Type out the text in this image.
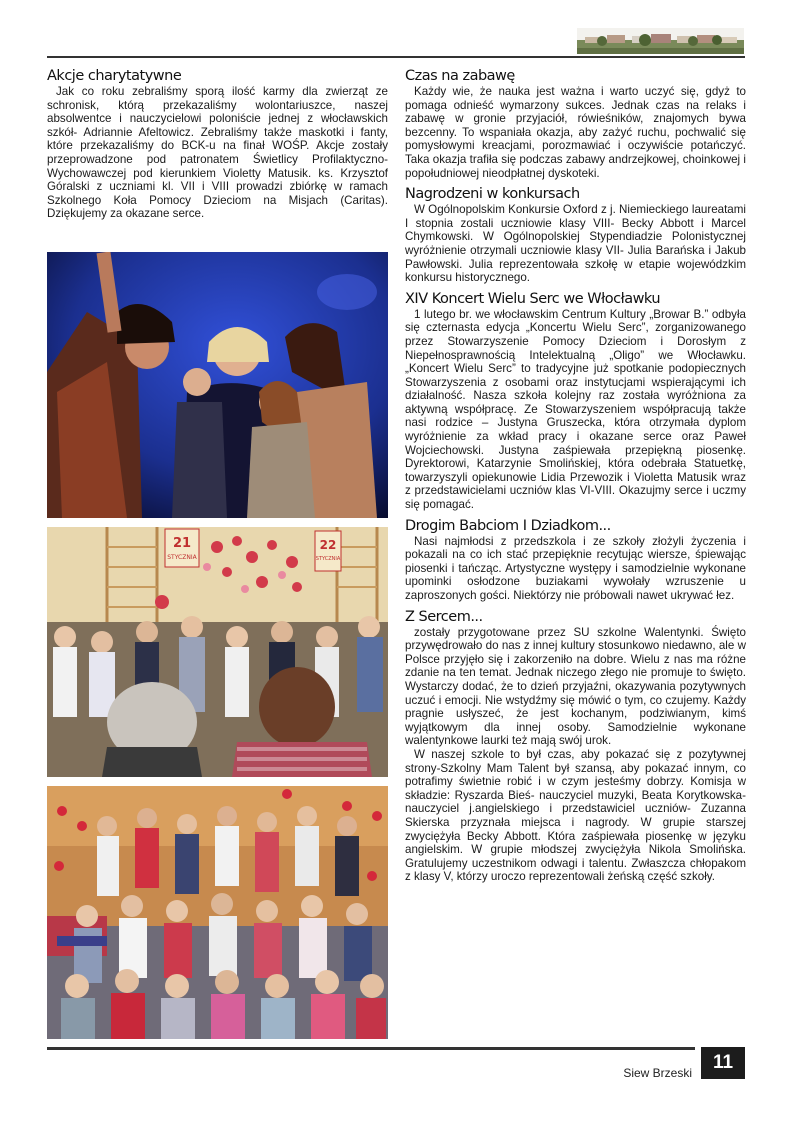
Akcje charytatywne

Jak co roku zebraliśmy sporą ilość karmy dla zwierząt ze schronisk, którą przekazaliśmy wolontariuszce, naszej absolwentce i nauczycielowi poloniście jednej z włocławskich szkół- Adriannie Afeltowicz. Zebraliśmy także maskotki i fanty, które przekazaliśmy do BCK-u na finał WOŚP. Akcje zostały przeprowadzone pod patronatem Świetlicy Profilaktyczno-Wychowawczej pod kierunkiem Violetty Matusik. ks. Krzysztof Góralski z uczniami kl. VII i VIII prowadzi zbiórkę w ramach Szkolnego Koła Pomocy Dzieciom na Misjach (Caritas). Dziękujemy za okazane serce.

21
STYCZNIA
22
STYCZNIA
Czas na zabawę

Każdy wie, że nauka jest ważna i warto uczyć się, gdyż to pomaga odnieść wymarzony sukces. Jednak czas na relaks i zabawę w gronie przyjaciół, rówieśników, znajomych bywa bezcenny. To wspaniała okazja, aby zażyć ruchu, pochwalić się pomysłowymi kreacjami, porozmawiać i oczywiście potańczyć. Taka okazja trafiła się podczas zabawy andrzejkowej, choinkowej i popołudniowej nieodpłatnej dyskoteki.

Nagrodzeni w konkursach

W Ogólnopolskim Konkursie Oxford z j. Niemieckiego laureatami I stopnia zostali uczniowie klasy VIII- Becky Abbott i Marcel Chymkowski. W Ogólnopolskiej Stypendiadzie Polonistycznej wyróżnienie otrzymali uczniowie klasy VII- Julia Barańska i Jakub Pawłowski. Julia reprezentowała szkołę w etapie wojewódzkim konkursu historycznego.

XIV Koncert Wielu Serc we Włocławku

1 lutego br. we włocławskim Centrum Kultury „Browar B.” odbyła się czternasta edycja „Koncertu Wielu Serc”, zorganizowanego przez Stowarzyszenie Pomocy Dzieciom i Dorosłym z Niepełnosprawnością Intelektualną „Oligo” we Włocławku. „Koncert Wielu Serc” to tradycyjne już spotkanie podopiecznych Stowarzyszenia z osobami oraz instytucjami wspierającymi ich działalność. Nasza szkoła kolejny raz została wyróżniona za aktywną współpracę. Ze Stowarzyszeniem współpracują także nasi rodzice – Justyna Gruszecka, która otrzymała dyplom wyróżnienie za wkład pracy i okazane serce oraz Paweł Wojciechowski. Justyna zaśpiewała przepiękną piosenkę. Dyrektorowi, Katarzynie Smolińskiej, która odebrała Statuetkę, towarzyszyli opiekunowie Lidia Przewozik i Violetta Matusik wraz z przedstawicielami uczniów klas VI-VIII. Okazujmy serce i uczmy się pomagać.

Drogim Babciom I Dziadkom...

Nasi najmłodsi z przedszkola i ze szkoły złożyli życzenia i pokazali na co ich stać przepięknie recytując wiersze, śpiewając piosenki i tańcząc. Artystyczne występy i samodzielnie wykonane upominki osłodzone buziakami wywołały wzruszenie u zaproszonych gości. Niektórzy nie próbowali nawet ukrywać łez.

Z Sercem...

zostały przygotowane przez SU szkolne Walentynki. Święto przywędrowało do nas z innej kultury stosunkowo niedawno, ale w Polsce przyjęło się i zakorzeniło na dobre. Wielu z nas ma różne zdanie na ten temat. Jednak niczego złego nie promuje to święto. Wystarczy dodać, że to dzień przyjaźni, okazywania pozytywnych uczuć i emocji. Nie wstydźmy się mówić o tym, co czujemy. Każdy pragnie usłyszeć, że jest kochanym, podziwianym, kimś wyjątkowym dla innej osoby. Samodzielnie wykonane walentynkowe laurki też mają swój urok.

W naszej szkole to był czas, aby pokazać się z pozytywnej strony-Szkolny Mam Talent był szansą, aby pokazać innym, co potrafimy świetnie robić i w czym jesteśmy dobrzy. Komisja w składzie: Ryszarda Bieś- nauczyciel muzyki, Beata Korytkowska- nauczyciel j.angielskiego i przedstawiciel uczniów- Zuzanna Skierska przyznała miejsca i nagrody. W grupie starszej zwyciężyła Becky Abbott. Która zaśpiewała piosenkę w języku angielskim. W grupie młodszej zwyciężyła Nikola Smolińska. Gratulujemy uczestnikom odwagi i talentu. Zwłaszcza chłopakom z klasy V, którzy uroczo reprezentowali żeńską część szkoły.

Siew Brzeski	11
